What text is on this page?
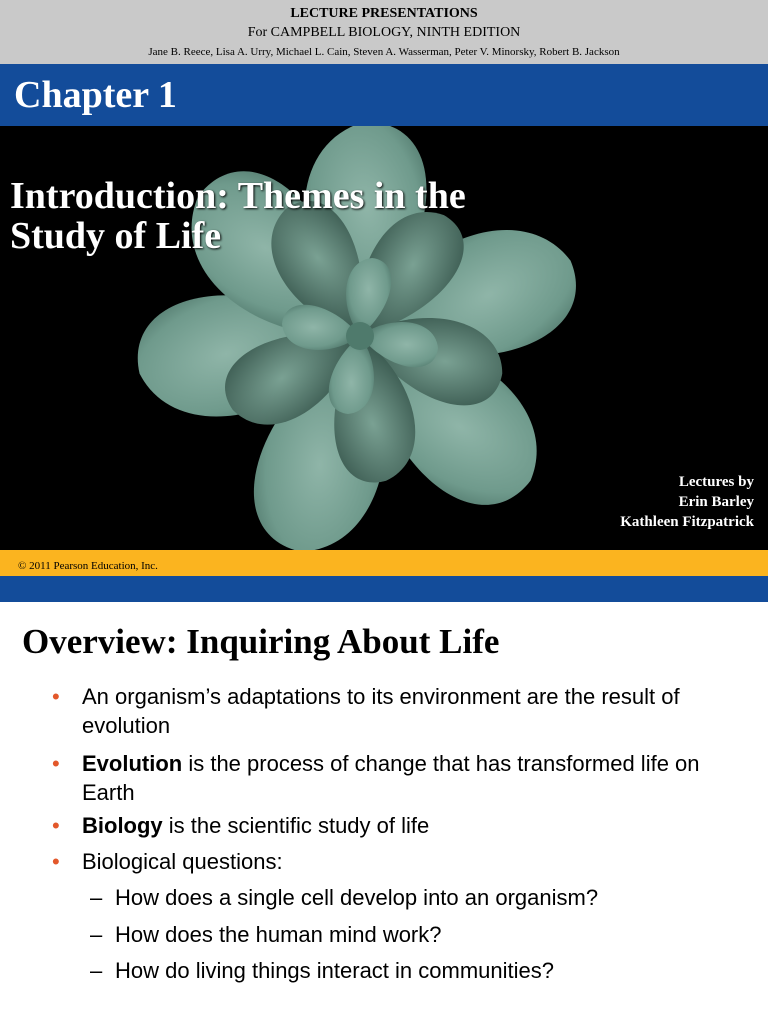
LECTURE PRESENTATIONS
For CAMPBELL BIOLOGY, NINTH EDITION
Jane B. Reece, Lisa A. Urry, Michael L. Cain, Steven A. Wasserman, Peter V. Minorsky, Robert B. Jackson
Chapter 1
Introduction: Themes in the
Study of Life
Lectures by
Erin Barley
Kathleen Fitzpatrick
© 2011 Pearson Education, Inc.
Overview: Inquiring About Life
• An organism’s adaptations to its environment are the result of evolution
• Evolution is the process of change that has transformed life on Earth
• Biology is the scientific study of life
• Biological questions:
– How does a single cell develop into an organism?
– How does the human mind work?
– How do living things interact in communities?
